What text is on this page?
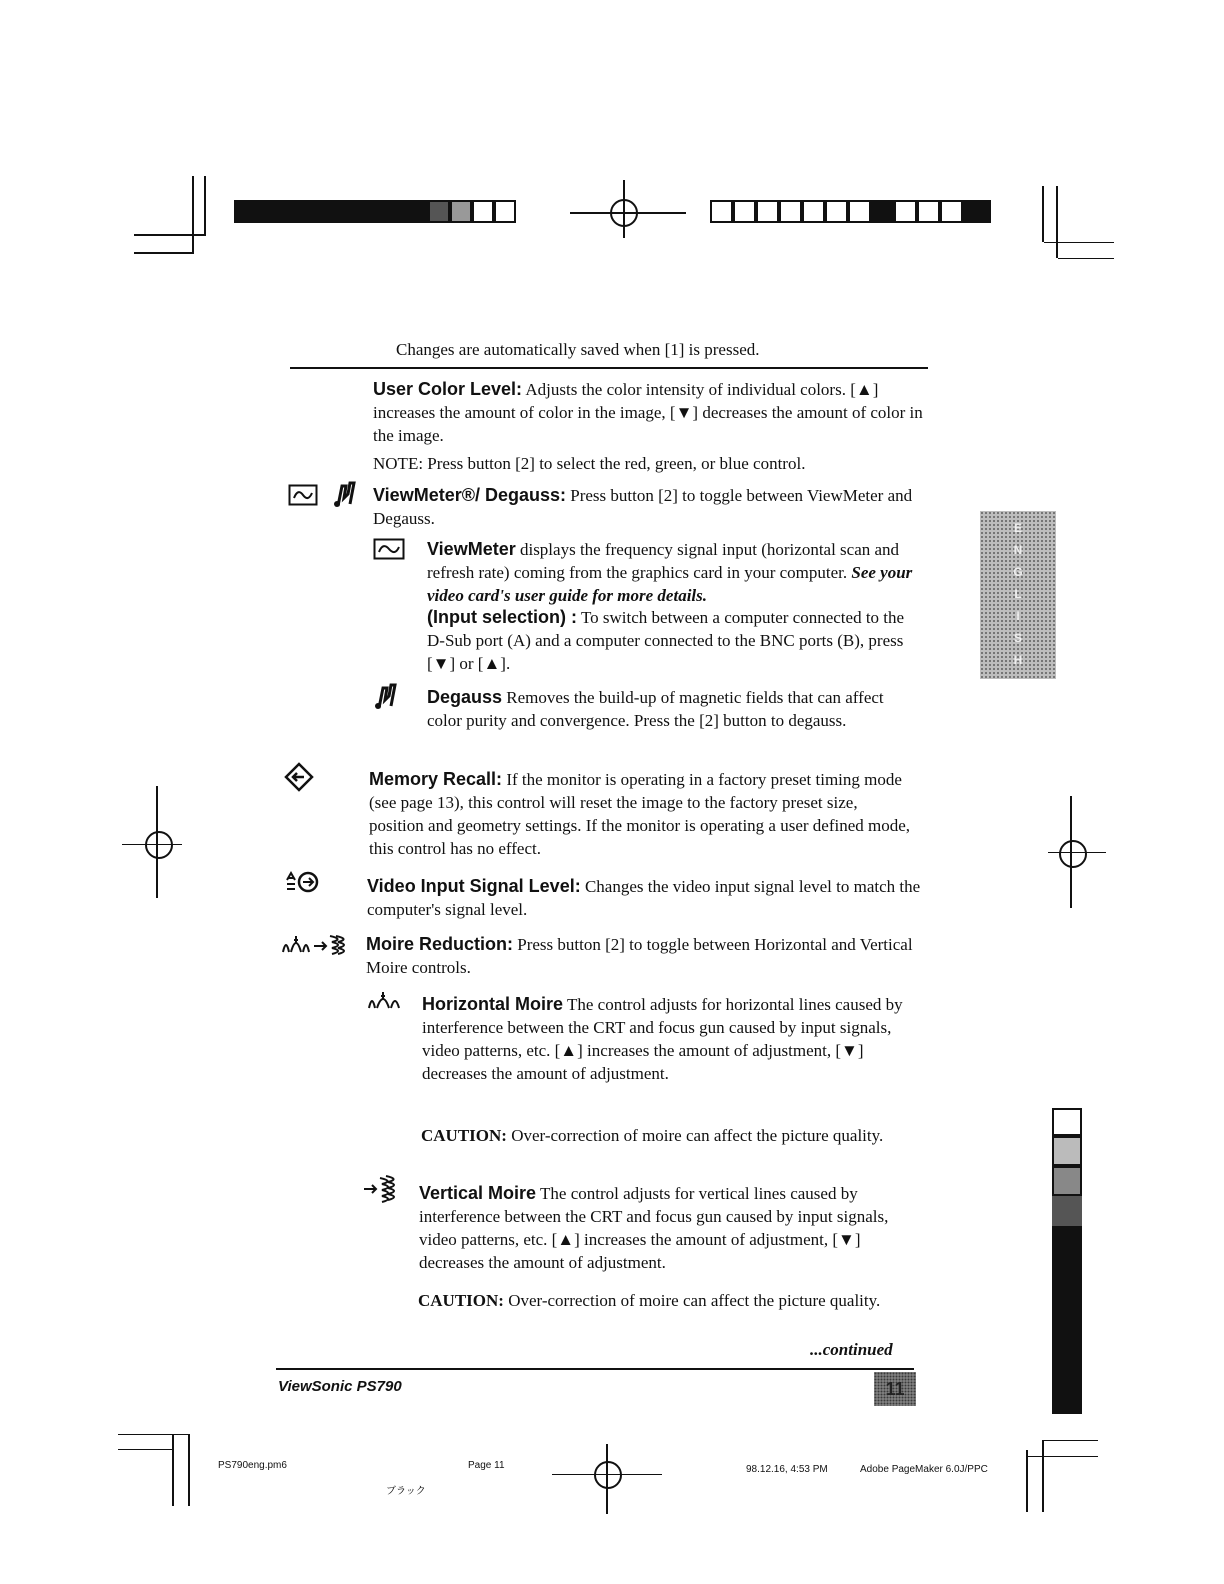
E
N
G
L
I
S
H
Changes are automatically saved when [1] is pressed.
User Color Level: Adjusts the color intensity of individual colors. [▲] increases the amount of color in the image, [▼] decreases the amount of color in the image.
NOTE: Press button [2] to select the red, green, or blue control.
ViewMeter®/ Degauss: Press button [2] to toggle between ViewMeter and Degauss.
ViewMeter displays the frequency signal input (horizontal scan and refresh rate) coming from the graphics card in your computer. See your video card's user guide for more details.
(Input selection) : To switch between a computer connected to the D-Sub port (A) and a computer connected to the BNC ports (B), press [▼] or [▲].
Degauss Removes the build-up of magnetic fields that can affect color purity and convergence. Press the [2] button to degauss.
Memory Recall: If the monitor is operating in a factory preset timing mode (see page 13), this control will reset the image to the factory preset size, position and geometry settings. If the monitor is operating a user defined mode, this control has no effect.
Video Input Signal Level: Changes the video input signal level to match the computer's signal level.
Moire Reduction: Press button [2] to toggle between Horizontal and Vertical Moire controls.
Horizontal Moire The control adjusts for horizontal lines caused by interference between the CRT and focus gun caused by input signals, video patterns, etc. [▲] increases the amount of adjustment, [▼] decreases the amount of adjustment.
CAUTION: Over-correction of moire can affect the picture quality.
Vertical Moire The control adjusts for vertical lines caused by interference between the CRT and focus gun caused by input signals, video patterns, etc. [▲] increases the amount of adjustment, [▼] decreases the amount of adjustment.
CAUTION: Over-correction of moire can affect the picture quality.
...continued
ViewSonic PS790	11
PS790eng.pm6	Page 11
ブラック
98.12.16, 4:53 PM	Adobe PageMaker 6.0J/PPC
